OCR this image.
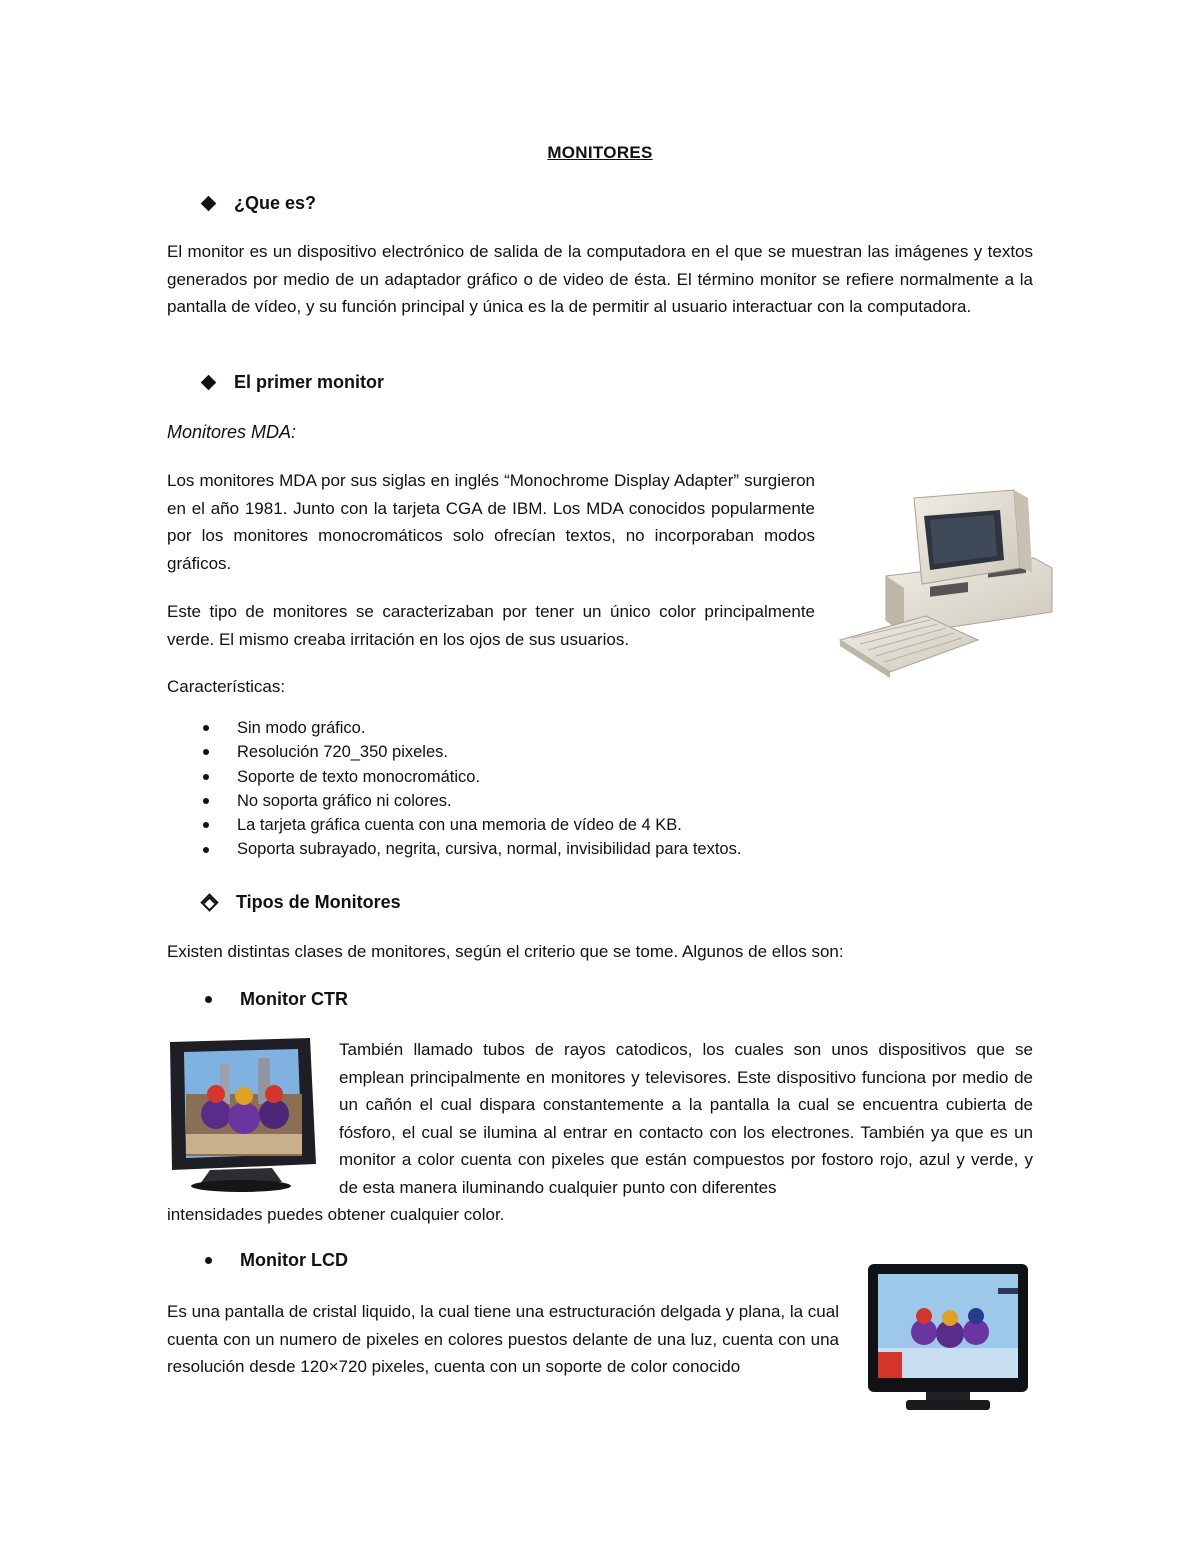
MONITORES
¿Que es?
El monitor es un dispositivo electrónico de salida de la computadora en el que se muestran las imágenes y textos generados por medio de un adaptador gráfico o de video de ésta. El término monitor se refiere normalmente a la pantalla de vídeo, y su función principal y única es la de permitir al usuario interactuar con la computadora.
El primer monitor
Monitores MDA:
Los monitores MDA por sus siglas en inglés “Monochrome Display Adapter” surgieron en el año 1981. Junto con la tarjeta CGA de IBM. Los MDA conocidos popularmente por los monitores monocromáticos solo ofrecían textos, no incorporaban modos gráficos.
Este tipo de monitores se caracterizaban por tener un único color principalmente verde. El mismo creaba irritación en los ojos de sus usuarios.
Características:
Sin modo gráfico.
Resolución 720_350 pixeles.
Soporte de texto monocromático.
No soporta gráfico ni colores.
La tarjeta gráfica cuenta con una memoria de vídeo de 4 KB.
Soporta subrayado, negrita, cursiva, normal, invisibilidad para textos.
Tipos de Monitores
Existen distintas clases de monitores, según el criterio que se tome. Algunos de ellos son:
Monitor CTR
También llamado tubos de rayos catodicos, los cuales son unos dispositivos que se emplean principalmente en monitores y televisores. Este dispositivo funciona por medio de un cañón el cual dispara constantemente a la pantalla la cual se encuentra cubierta de fósforo, el cual se ilumina al entrar en contacto con los electrones. También ya que es un monitor a color cuenta con pixeles que están compuestos por fostoro rojo, azul y verde, y de esta manera iluminando cualquier punto con diferentes
intensidades puedes obtener cualquier color.
Monitor LCD
Es una pantalla de cristal liquido, la cual tiene una estructuración delgada y plana, la cual cuenta con un numero de pixeles en colores puestos delante de una luz, cuenta con una resolución desde 120×720 pixeles, cuenta con un soporte de color conocido
